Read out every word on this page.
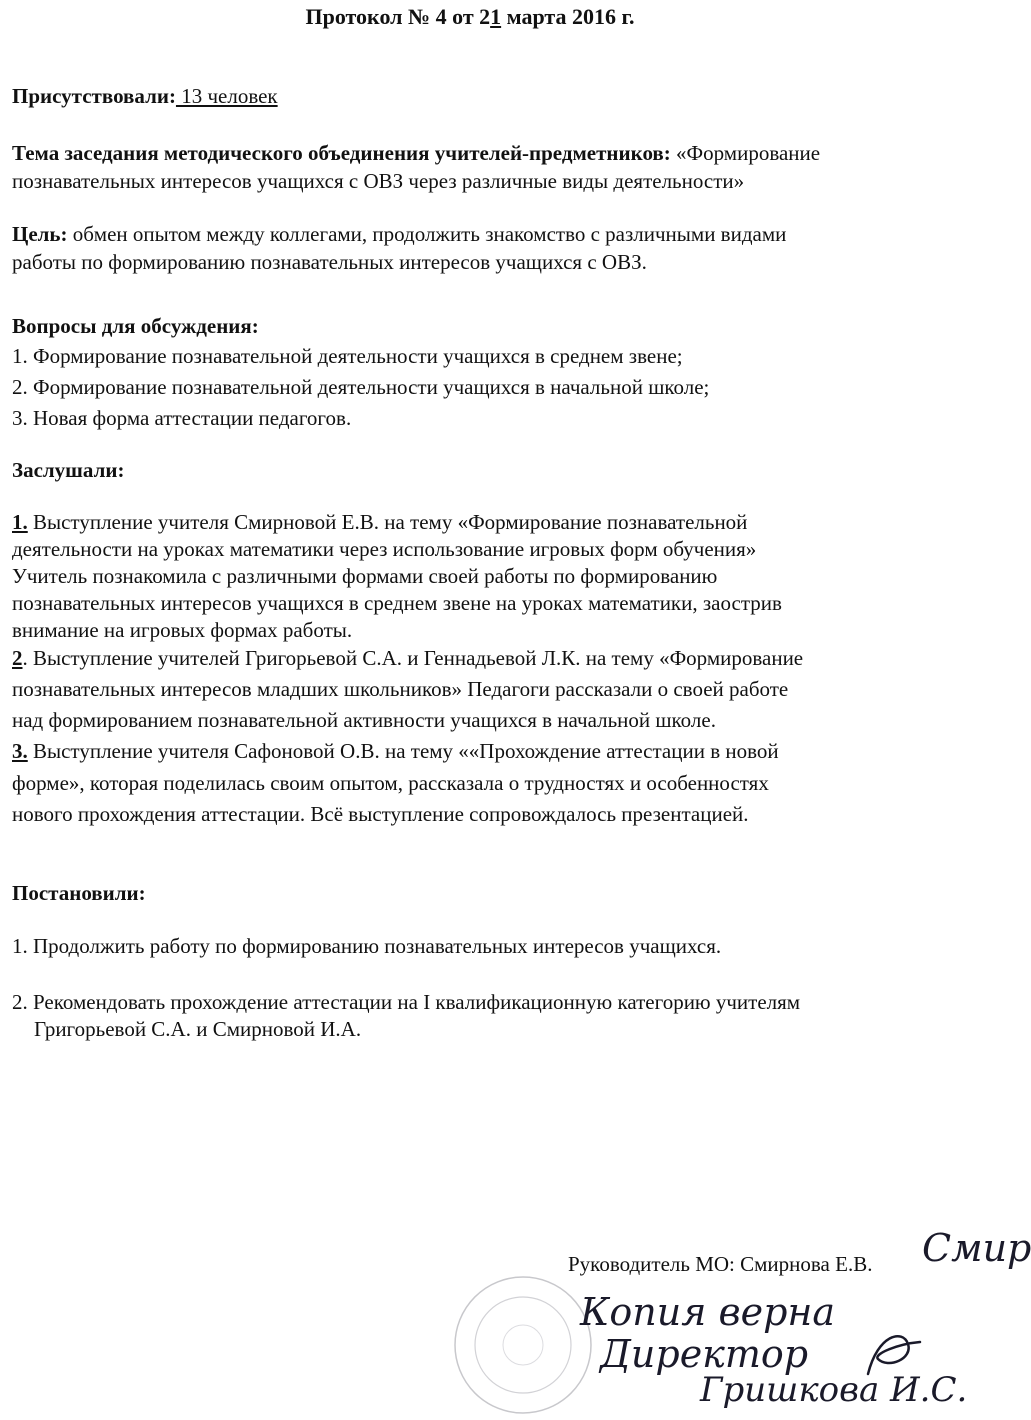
Протокол № 4 от 21 марта 2016 г.
Присутствовали: 13 человек
Тема заседания методического объединения учителей-предметников: «Формирование
познавательных интересов учащихся с ОВЗ через различные виды деятельности»
Цель: обмен опытом между коллегами, продолжить знакомство с различными видами
работы по формированию познавательных интересов учащихся с ОВЗ.
Вопросы для обсуждения:
1. Формирование познавательной деятельности учащихся в среднем звене;
2. Формирование познавательной деятельности учащихся в начальной школе;
3. Новая форма аттестации педагогов.
Заслушали:
1. Выступление учителя Смирновой Е.В. на тему «Формирование познавательной
деятельности на уроках математики через использование игровых форм обучения»
Учитель познакомила с различными формами своей работы по формированию
познавательных интересов учащихся в среднем звене на уроках математики, заострив
внимание на игровых формах работы.
2. Выступление учителей Григорьевой С.А. и Геннадьевой Л.К. на тему «Формирование
познавательных интересов младших школьников» Педагоги рассказали о своей работе
над формированием познавательной активности учащихся в начальной школе.
3. Выступление учителя Сафоновой О.В. на тему ««Прохождение аттестации в новой
форме», которая поделилась своим опытом, рассказала о трудностях и особенностях
нового прохождения аттестации. Всё выступление сопровождалось презентацией.
Постановили:
1. Продолжить работу по формированию познавательных интересов учащихся.
2. Рекомендовать прохождение аттестации на I квалификационную категорию учителям
Григорьевой С.А. и Смирновой И.А.
Руководитель МО: Смирнова Е.В. Смир
Копия верна
Директор
Гришкова И.С.
